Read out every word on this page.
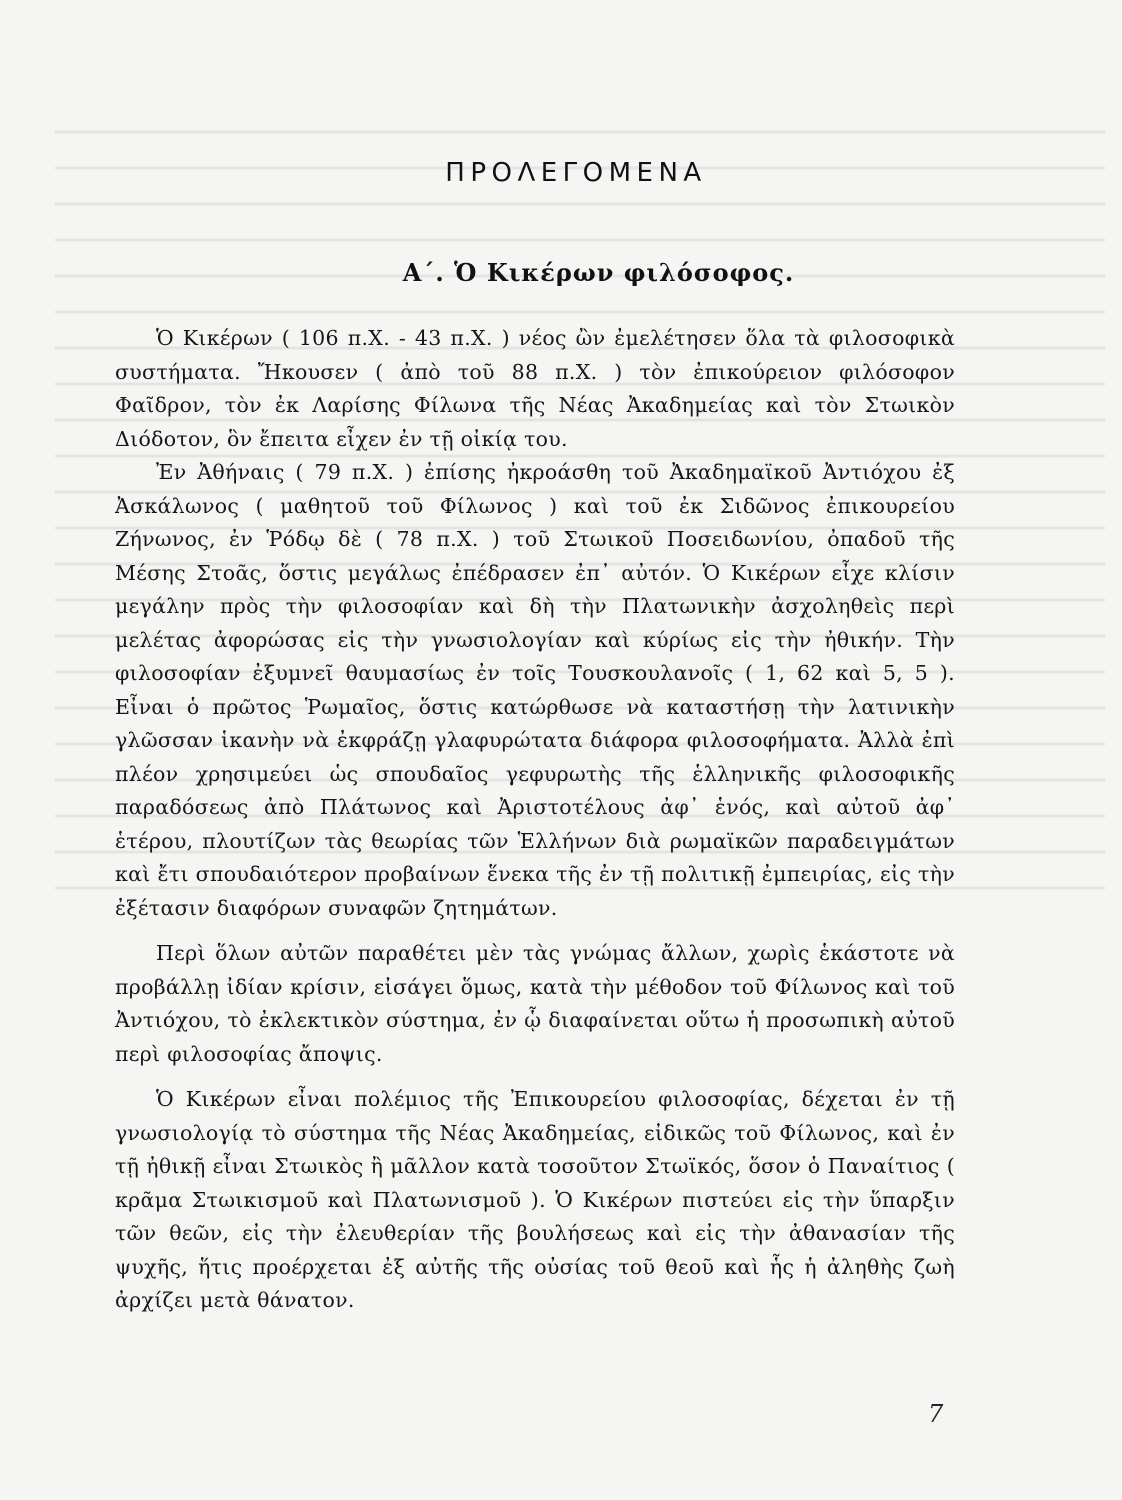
ΠΡΟΛΕΓΟΜΕΝΑ
Α΄. Ὁ Κικέρων φιλόσοφος.

Ὁ Κικέρων ( 106 π.Χ. - 43 π.Χ. ) νέος ὢν ἐμελέτησεν ὅλα τὰ φιλοσοφικὰ συστήματα. Ἤκουσεν ( ἀπὸ τοῦ 88 π.Χ. ) τὸν ἐπικούρειον φιλόσοφον Φαῖδρον, τὸν ἐκ Λαρίσης Φίλωνα τῆς Νέας Ἀκαδημείας καὶ τὸν Στωικὸν Διόδοτον, ὃν ἔπειτα εἶχεν ἐν τῇ οἰκίᾳ του.

Ἐν Ἀθήναις ( 79 π.Χ. ) ἐπίσης ἠκροάσθη τοῦ Ἀκαδημαϊκοῦ Ἀντιόχου ἐξ Ἀσκάλωνος ( μαθητοῦ τοῦ Φίλωνος ) καὶ τοῦ ἐκ Σιδῶνος ἐπικουρείου Ζήνωνος, ἐν Ῥόδῳ δὲ ( 78 π.Χ. ) τοῦ Στωικοῦ Ποσειδωνίου, ὀπαδοῦ τῆς Μέσης Στοᾶς, ὅστις μεγάλως ἐπέδρασεν ἐπ᾽ αὐτόν. Ὁ Κικέρων εἶχε κλίσιν μεγάλην πρὸς τὴν φιλοσοφίαν καὶ δὴ τὴν Πλατωνικὴν ἀσχοληθεὶς περὶ μελέτας ἀφορώσας εἰς τὴν γνωσιολογίαν καὶ κύρίως εἰς τὴν ἠθικήν. Τὴν φιλοσοφίαν ἐξυμνεῖ θαυμασίως ἐν τοῖς Τουσκουλανοῖς ( 1, 62 καὶ 5, 5 ). Εἶναι ὁ πρῶτος Ῥωμαῖος, ὅστις κατώρθωσε νὰ καταστήσῃ τὴν λατινικὴν γλῶσσαν ἱκανὴν νὰ ἐκφράζῃ γλαφυρώτατα διάφορα φιλοσοφήματα. Ἀλλὰ ἐπὶ πλέον χρησιμεύει ὡς σπουδαῖος γεφυρωτὴς τῆς ἑλληνικῆς φιλοσοφικῆς παραδόσεως ἀπὸ Πλάτωνος καὶ Ἀριστοτέλους ἀφ᾽ ἑνός, καὶ αὐτοῦ ἀφ᾽ ἑτέρου, πλουτίζων τὰς θεωρίας τῶν Ἑλλήνων διὰ ρωμαϊκῶν παραδειγμάτων καὶ ἔτι σπουδαιότερον προβαίνων ἕνεκα τῆς ἐν τῇ πολιτικῇ ἐμπειρίας, εἰς τὴν ἐξέτασιν διαφόρων συναφῶν ζητημάτων.

Περὶ ὅλων αὐτῶν παραθέτει μὲν τὰς γνώμας ἄλλων, χωρὶς ἑκάστοτε νὰ προβάλλῃ ἰδίαν κρίσιν, εἰσάγει ὅμως, κατὰ τὴν μέθοδον τοῦ Φίλωνος καὶ τοῦ Ἀντιόχου, τὸ ἐκλεκτικὸν σύστημα, ἐν ᾧ διαφαίνεται οὕτω ἡ προσωπικὴ αὐτοῦ περὶ φιλοσοφίας ἄποψις.

Ὁ Κικέρων εἶναι πολέμιος τῆς Ἐπικουρείου φιλοσοφίας, δέχεται ἐν τῇ γνωσιολογίᾳ τὸ σύστημα τῆς Νέας Ἀκαδημείας, εἰδικῶς τοῦ Φίλωνος, καὶ ἐν τῇ ἠθικῇ εἶναι Στωικὸς ἢ μᾶλλον κατὰ τοσοῦτον Στωϊκός, ὅσον ὁ Παναίτιος ( κρᾶμα Στωικισμοῦ καὶ Πλατωνισμοῦ ). Ὁ Κικέρων πιστεύει εἰς τὴν ὕπαρξιν τῶν θεῶν, εἰς τὴν ἐλευθερίαν τῆς βουλήσεως καὶ εἰς τὴν ἀθανασίαν τῆς ψυχῆς, ἥτις προέρχεται ἐξ αὐτῆς τῆς οὐσίας τοῦ θεοῦ καὶ ἧς ἡ ἀληθὴς ζωὴ ἀρχίζει μετὰ θάνατον.

7
